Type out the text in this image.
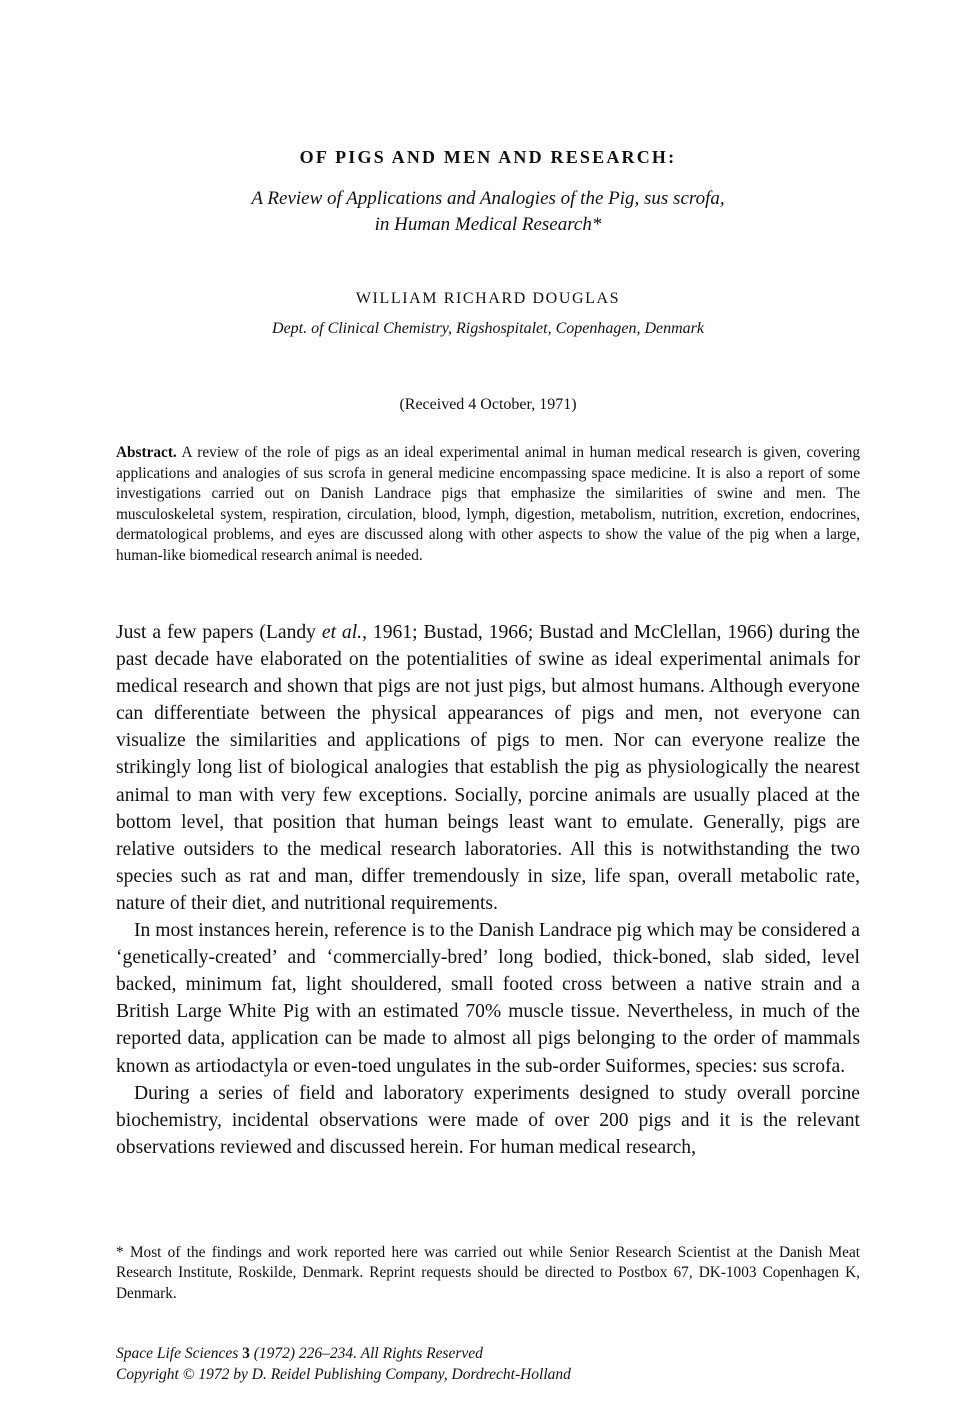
OF PIGS AND MEN AND RESEARCH:
A Review of Applications and Analogies of the Pig, sus scrofa,
in Human Medical Research*
WILLIAM RICHARD DOUGLAS
Dept. of Clinical Chemistry, Rigshospitalet, Copenhagen, Denmark
(Received 4 October, 1971)
Abstract. A review of the role of pigs as an ideal experimental animal in human medical research is given, covering applications and analogies of sus scrofa in general medicine encompassing space medicine. It is also a report of some investigations carried out on Danish Landrace pigs that emphasize the similarities of swine and men. The musculoskeletal system, respiration, circulation, blood, lymph, digestion, metabolism, nutrition, excretion, endocrines, dermatological problems, and eyes are discussed along with other aspects to show the value of the pig when a large, human-like biomedical research animal is needed.

Just a few papers (Landy et al., 1961; Bustad, 1966; Bustad and McClellan, 1966) during the past decade have elaborated on the potentialities of swine as ideal experimental animals for medical research and shown that pigs are not just pigs, but almost humans. Although everyone can differentiate between the physical appearances of pigs and men, not everyone can visualize the similarities and applications of pigs to men. Nor can everyone realize the strikingly long list of biological analogies that establish the pig as physiologically the nearest animal to man with very few exceptions. Socially, porcine animals are usually placed at the bottom level, that position that human beings least want to emulate. Generally, pigs are relative outsiders to the medical research laboratories. All this is notwithstanding the two species such as rat and man, differ tremendously in size, life span, overall metabolic rate, nature of their diet, and nutritional requirements.

In most instances herein, reference is to the Danish Landrace pig which may be considered a ‘genetically-created’ and ‘commercially-bred’ long bodied, thick-boned, slab sided, level backed, minimum fat, light shouldered, small footed cross between a native strain and a British Large White Pig with an estimated 70% muscle tissue. Nevertheless, in much of the reported data, application can be made to almost all pigs belonging to the order of mammals known as artiodactyla or even-toed ungulates in the sub-order Suiformes, species: sus scrofa.

During a series of field and laboratory experiments designed to study overall porcine biochemistry, incidental observations were made of over 200 pigs and it is the relevant observations reviewed and discussed herein. For human medical research,

* Most of the findings and work reported here was carried out while Senior Research Scientist at the Danish Meat Research Institute, Roskilde, Denmark. Reprint requests should be directed to Postbox 67, DK-1003 Copenhagen K, Denmark.
Space Life Sciences 3 (1972) 226–234. All Rights Reserved
Copyright © 1972 by D. Reidel Publishing Company, Dordrecht-Holland
